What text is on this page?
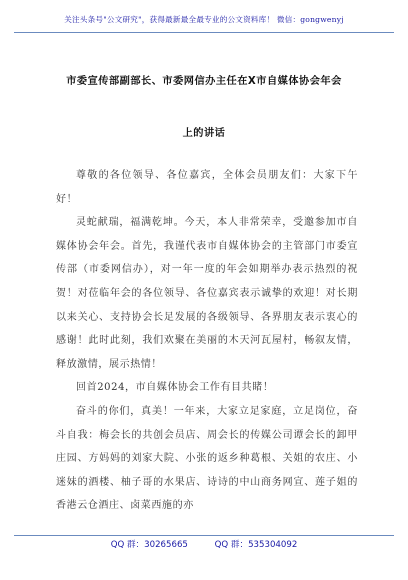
关注头条号"公文研究"，获得最新最全最专业的公文资料库！ 微信：gongwenyj
市委宣传部副部长、市委网信办主任在X市自媒体协会年会
上的讲话

尊敬的各位领导、各位嘉宾，全体会员朋友们：大家下午好！

灵蛇献瑞，福满乾坤。今天，本人非常荣幸，受邀参加市自媒体协会年会。首先，我谨代表市自媒体协会的主管部门市委宣传部（市委网信办），对一年一度的年会如期举办表示热烈的祝贺！对莅临年会的各位领导、各位嘉宾表示诚挚的欢迎！对长期以来关心、支持协会长足发展的各级领导、各界朋友表示衷心的感谢！此时此刻，我们欢聚在美丽的木天河瓦屋村，畅叙友情，释放激情，展示热情！

回首2024，市自媒体协会工作有目共睹！

奋斗的你们，真美！一年来，大家立足家庭，立足岗位，奋斗自我：梅会长的共创会员店、周会长的传媒公司谭会长的卸甲庄园、方妈妈的刘家大院、小张的返乡种葛根、关姐的农庄、小迷妹的酒楼、柚子哥的水果店、诗诗的中山商务网宣、莲子姐的香港云仓酒庄、卤菜西施的亦

QQ 群：30265665	QQ 群：535304092
